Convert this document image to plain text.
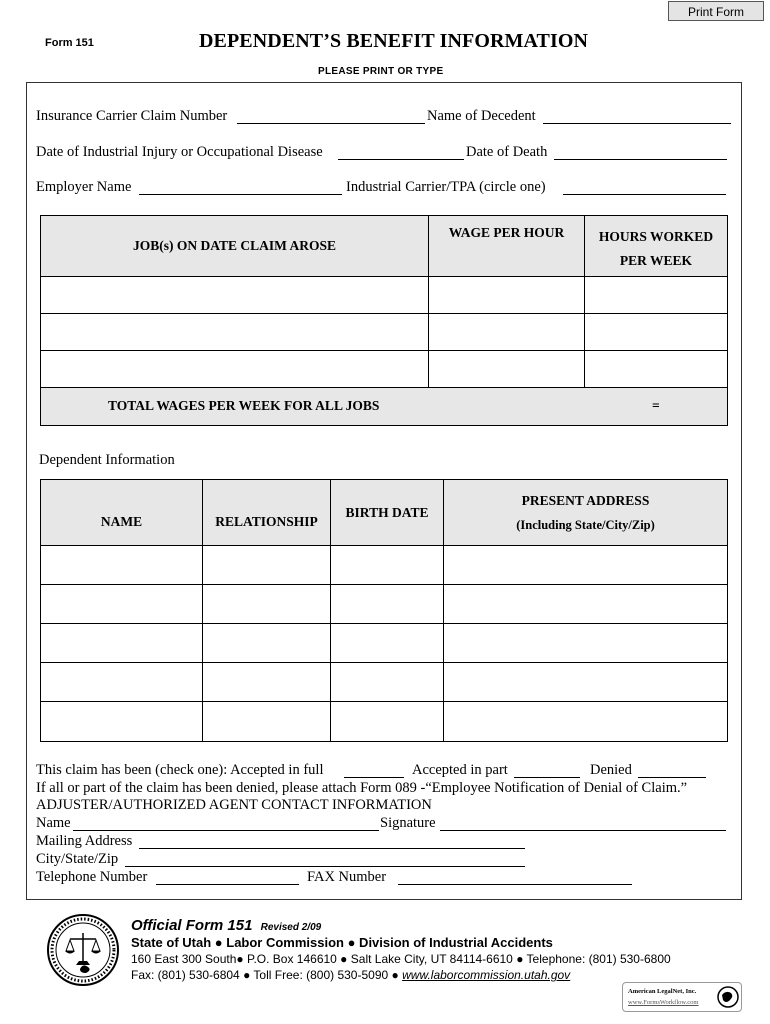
Print Form
Form 151	DEPENDENT’S BENEFIT INFORMATION
PLEASE PRINT OR TYPE
Insurance Carrier Claim Number	Name of Decedent
Date of Industrial Injury or Occupational Disease	Date of Death
Employer Name	Industrial Carrier/TPA (circle one)
JOB(s) ON DATE CLAIM AROSE	WAGE PER HOUR	HOURS WORKED
PER WEEK

TOTAL WAGES PER WEEK FOR ALL JOBS =		
Dependent Information
NAME	RELATIONSHIP	BIRTH DATE	PRESENT ADDRESS
(Including State/City/Zip)

This claim has been (check one): Accepted in full	Accepted in part	Denied
If all or part of the claim has been denied, please attach Form 089 -“Employee Notification of Denial of Claim.”
ADJUSTER/AUTHORIZED AGENT CONTACT INFORMATION
Name	Signature
Mailing Address
City/State/Zip
Telephone Number	FAX Number
Official Form 151 Revised 2/09
State of Utah ● Labor Commission ● Division of Industrial Accidents
160 East 300 South● P.O. Box 146610 ● Salt Lake City, UT 84114-6610 ● Telephone: (801) 530-6800
Fax: (801) 530-6804 ● Toll Free: (800) 530-5090 ● www.laborcommission.utah.gov
American LegalNet, Inc.
www.FormsWorkflow.com
